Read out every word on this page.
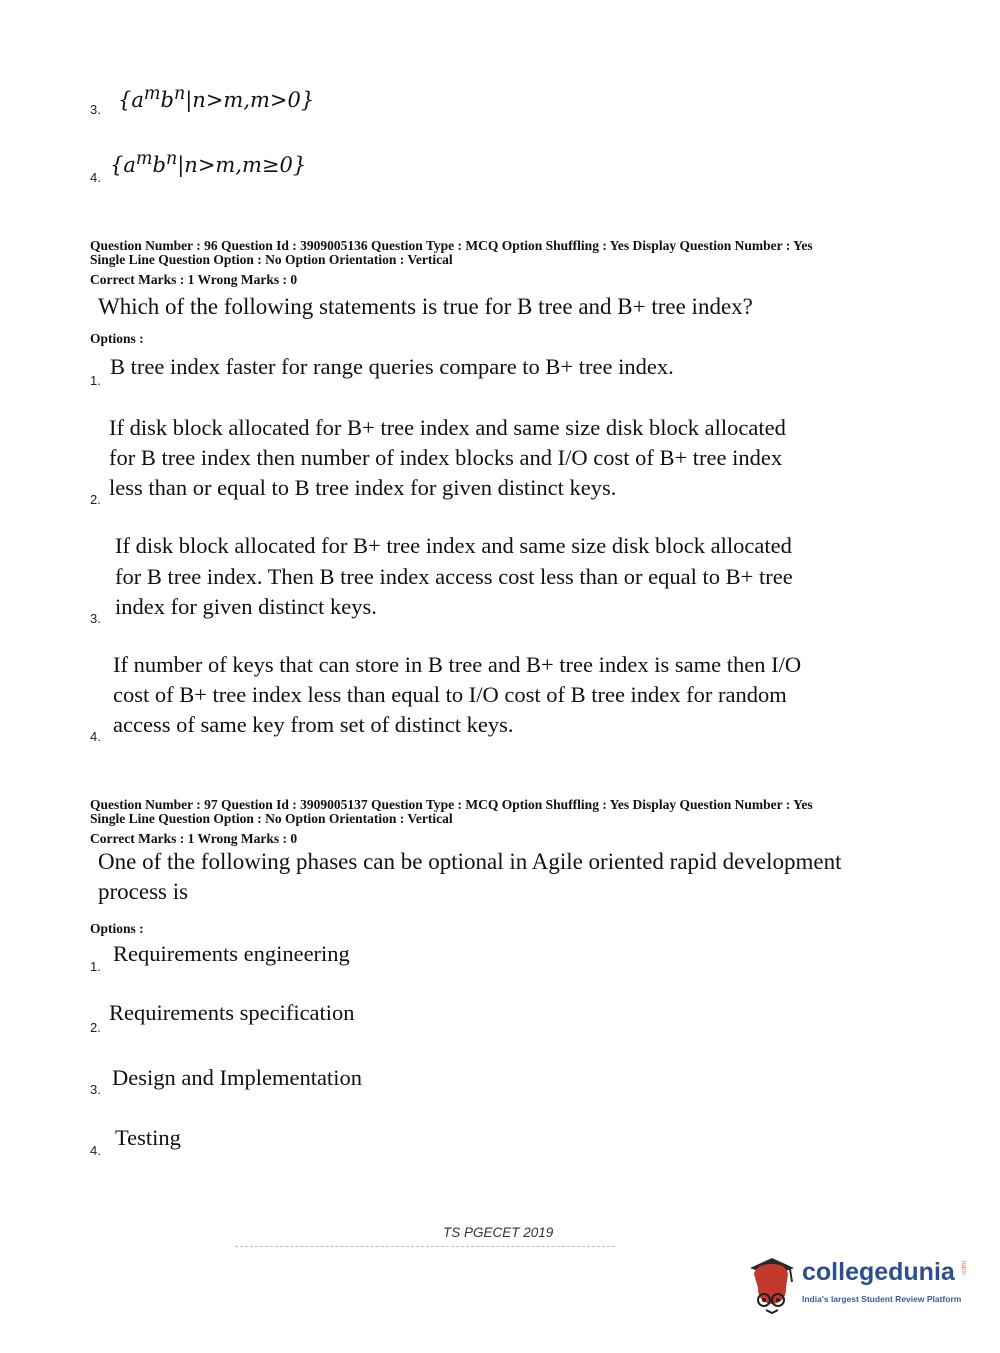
3. $\{a^mb^n|n>m,m>0\}$
4.
$\{a^mb^n|n>m,m\ge 0\}$
Question Number : 96 Question Id : 3909005136 Question Type : MCQ Option Shuffling : Yes Display Question Number : Yes
Single Line Question Option : No Option Orientation : Vertical
Correct Marks : 1 Wrong Marks : 0
Which of the following statements is true for B tree and B+ tree index?
Options :
1.
B tree index faster for range queries compare to B+ tree index.
2.
If disk block allocated for B+ tree index and same size disk block allocated
for B tree index then number of index blocks and I/O cost of B+ tree index
less than or equal to B tree index for given distinct keys.
3.
If disk block allocated for B+ tree index and same size disk block allocated
for B tree index. Then B tree index access cost less than or equal to B+ tree
index for given distinct keys.
4.
If number of keys that can store in B tree and B+ tree index is same then I/O
cost of B+ tree index less than equal to I/O cost of B tree index for random
access of same key from set of distinct keys.
Question Number : 97 Question Id : 3909005137 Question Type : MCQ Option Shuffling : Yes Display Question Number : Yes
Single Line Question Option : No Option Orientation : Vertical
Correct Marks : 1 Wrong Marks : 0
One of the following phases can be optional in Agile oriented rapid development
process is
Options :
1.
Requirements engineering
2.
Requirements specification
3. Design and Implementation
4.
Testing
TS PGECET 2019
collegedunia .com
India's largest Student Review Platform
